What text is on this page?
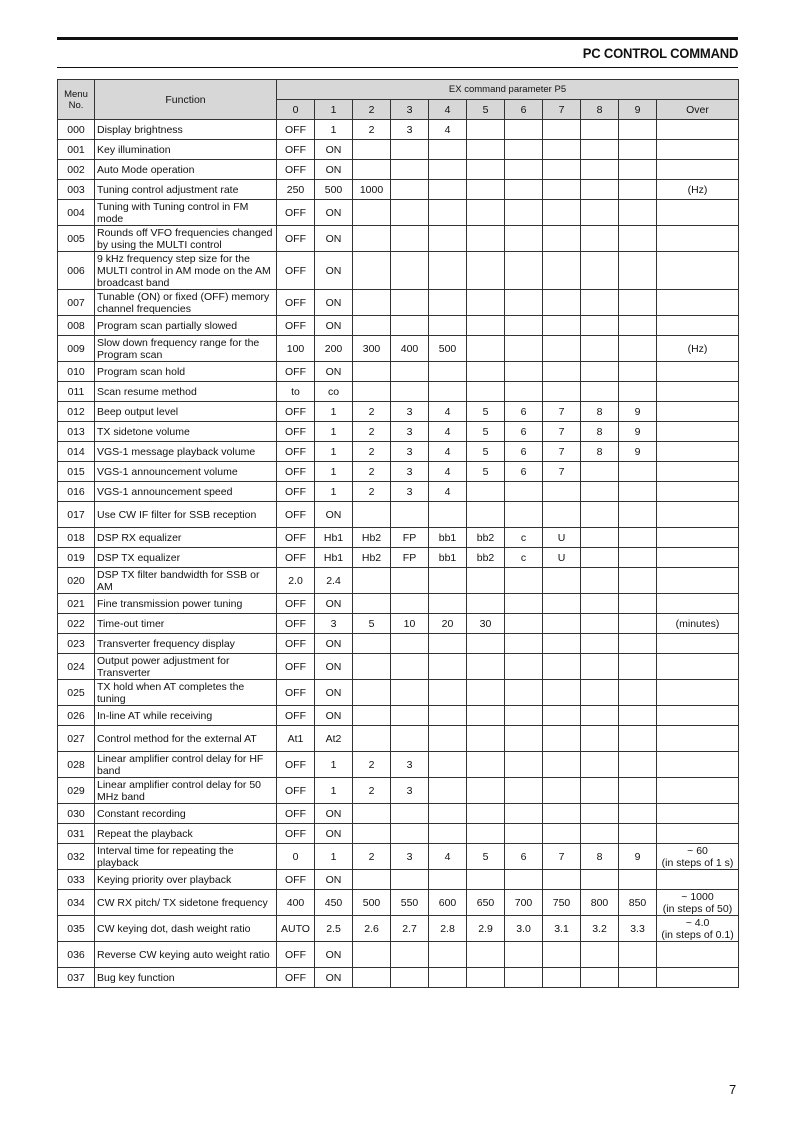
PC CONTROL COMMAND
Menu No.	Function	EX command parameter P5										
		0	1	2	3	4	5	6	7	8	9	Over
000	Display brightness	OFF	1	2	3	4						
001	Key illumination	OFF	ON									
002	Auto Mode operation	OFF	ON									
003	Tuning control adjustment rate	250	500	1000								(Hz)
004	Tuning with Tuning control in FM mode	OFF	ON									
005	Rounds off VFO frequencies changed by using the MULTI control	OFF	ON									
006	9 kHz frequency step size for the MULTI control in AM mode on the AM broadcast band	OFF	ON									
007	Tunable (ON) or fixed (OFF) memory channel frequencies	OFF	ON									
008	Program scan partially slowed	OFF	ON									
009	Slow down frequency range for the Program scan	100	200	300	400	500						(Hz)
010	Program scan hold	OFF	ON									
011	Scan resume method	to	co									
012	Beep output level	OFF	1	2	3	4	5	6	7	8	9	
013	TX sidetone volume	OFF	1	2	3	4	5	6	7	8	9	
014	VGS-1 message playback volume	OFF	1	2	3	4	5	6	7	8	9	
015	VGS-1 announcement volume	OFF	1	2	3	4	5	6	7			
016	VGS-1 announcement speed	OFF	1	2	3	4						
017	Use CW IF filter for SSB reception	OFF	ON									
018	DSP RX equalizer	OFF	Hb1	Hb2	FP	bb1	bb2	c	U			
019	DSP TX equalizer	OFF	Hb1	Hb2	FP	bb1	bb2	c	U			
020	DSP TX filter bandwidth for SSB or AM	2.0	2.4									
021	Fine transmission power tuning	OFF	ON									
022	Time-out timer	OFF	3	5	10	20	30					(minutes)
023	Transverter frequency display	OFF	ON									
024	Output power adjustment for Transverter	OFF	ON									
025	TX hold when AT completes the tuning	OFF	ON									
026	In-line AT while receiving	OFF	ON									
027	Control method for the external AT	At1	At2									
028	Linear amplifier control delay for HF band	OFF	1	2	3							
029	Linear amplifier control delay for 50 MHz band	OFF	1	2	3							
030	Constant recording	OFF	ON									
031	Repeat the playback	OFF	ON									
032	Interval time for repeating the playback	0	1	2	3	4	5	6	7	8	9	~ 60
(in steps of 1 s)
033	Keying priority over playback	OFF	ON									
034	CW RX pitch/ TX sidetone frequency	400	450	500	550	600	650	700	750	800	850	~ 1000
(in steps of 50)
035	CW keying dot, dash weight ratio	AUTO	2.5	2.6	2.7	2.8	2.9	3.0	3.1	3.2	3.3	~ 4.0
(in steps of 0.1)
036	Reverse CW keying auto weight ratio	OFF	ON									
037	Bug key function	OFF	ON									
7
